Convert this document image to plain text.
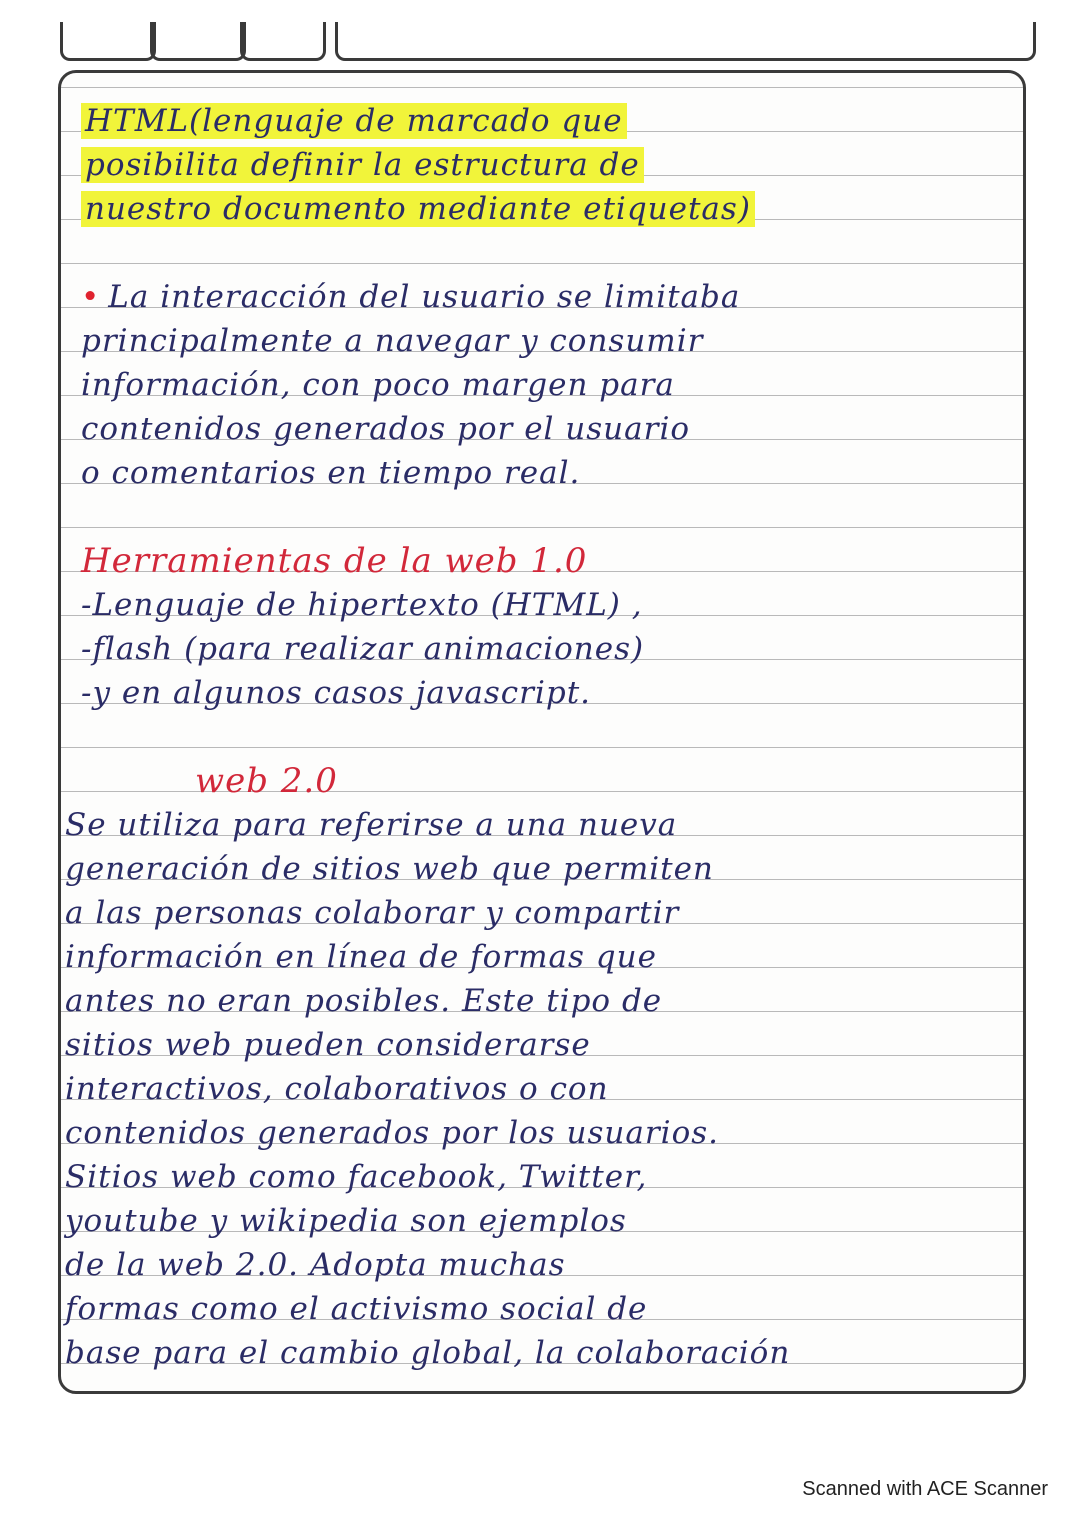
HTML(lenguaje de marcado que
posibilita definir la estructura de
nuestro documento mediante etiquetas)
• La interacción del usuario se limitaba
principalmente a navegar y consumir
información, con poco margen para
contenidos generados por el usuario
o comentarios en tiempo real.
Herramientas de la web 1.0
-Lenguaje de hipertexto (HTML) ,
-flash (para realizar animaciones)
-y en algunos casos javascript.
web 2.0
Se utiliza para referirse a una nueva
generación de sitios web que permiten
a las personas colaborar y compartir
información en línea de formas que
antes no eran posibles. Este tipo de
sitios web pueden considerarse
interactivos, colaborativos o con
contenidos generados por los usuarios.
Sitios web como facebook, Twitter,
youtube y wikipedia son ejemplos
de la web 2.0. Adopta muchas
formas como el activismo social de
base para el cambio global, la colaboración
Scanned with ACE Scanner
